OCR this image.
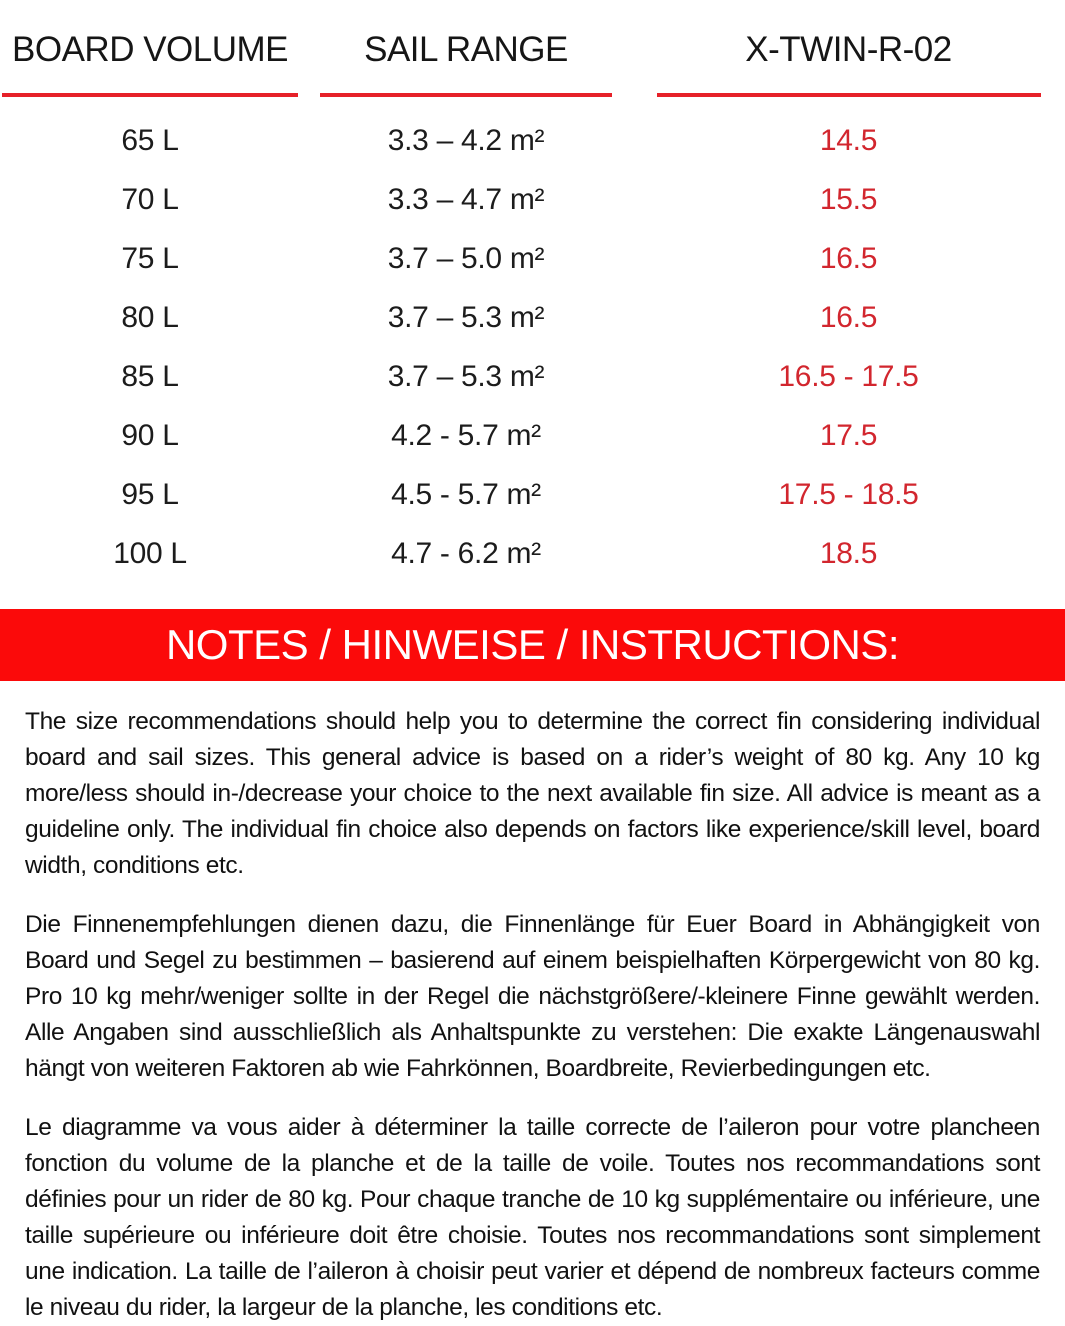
BOARD VOLUME	SAIL RANGE	X-TWIN-R-02
65 L	3.3 – 4.2 m²	14.5
70 L	3.3 – 4.7 m²	15.5
75 L	3.7 – 5.0 m²	16.5
80 L	3.7 – 5.3 m²	16.5
85 L	3.7 – 5.3 m²	16.5 - 17.5
90 L	4.2 - 5.7 m²	17.5
95 L	4.5 - 5.7 m²	17.5 - 18.5
100 L	4.7 - 6.2 m²	18.5
NOTES / HINWEISE / INSTRUCTIONS:

The size recommendations should help you to determine the correct fin considering individual board and sail sizes. This general advice is based on a rider’s weight of 80 kg. Any 10 kg more/less should in-/decrease your choice to the next available fin size. All advice is meant as a guideline only. The individual fin choice also depends on factors like experience/skill level, board width, conditions etc.

Die Finnenempfehlungen dienen dazu, die Finnenlänge für Euer Board in Abhängigkeit von Board und Segel zu bestimmen – basierend auf einem beispielhaften Körpergewicht von 80 kg. Pro 10 kg mehr/weniger sollte in der Regel die nächstgrößere/-kleinere Finne gewählt werden. Alle Angaben sind ausschließlich als Anhaltspunkte zu verstehen: Die exakte Längenauswahl hängt von weiteren Faktoren ab wie Fahrkönnen, Boardbreite, Revierbedingungen etc.

Le diagramme va vous aider à déterminer la taille correcte de l’aileron pour votre plancheen fonction du volume de la planche et de la taille de voile. Toutes nos recommandations sont définies pour un rider de 80 kg. Pour chaque tranche de 10 kg supplémentaire ou inférieure, une taille supérieure ou inférieure doit être choisie. Toutes nos recommandations sont simplement une indication. La taille de l’aileron à choisir peut varier et dépend de nombreux facteurs comme le niveau du rider, la largeur de la planche, les conditions etc.
